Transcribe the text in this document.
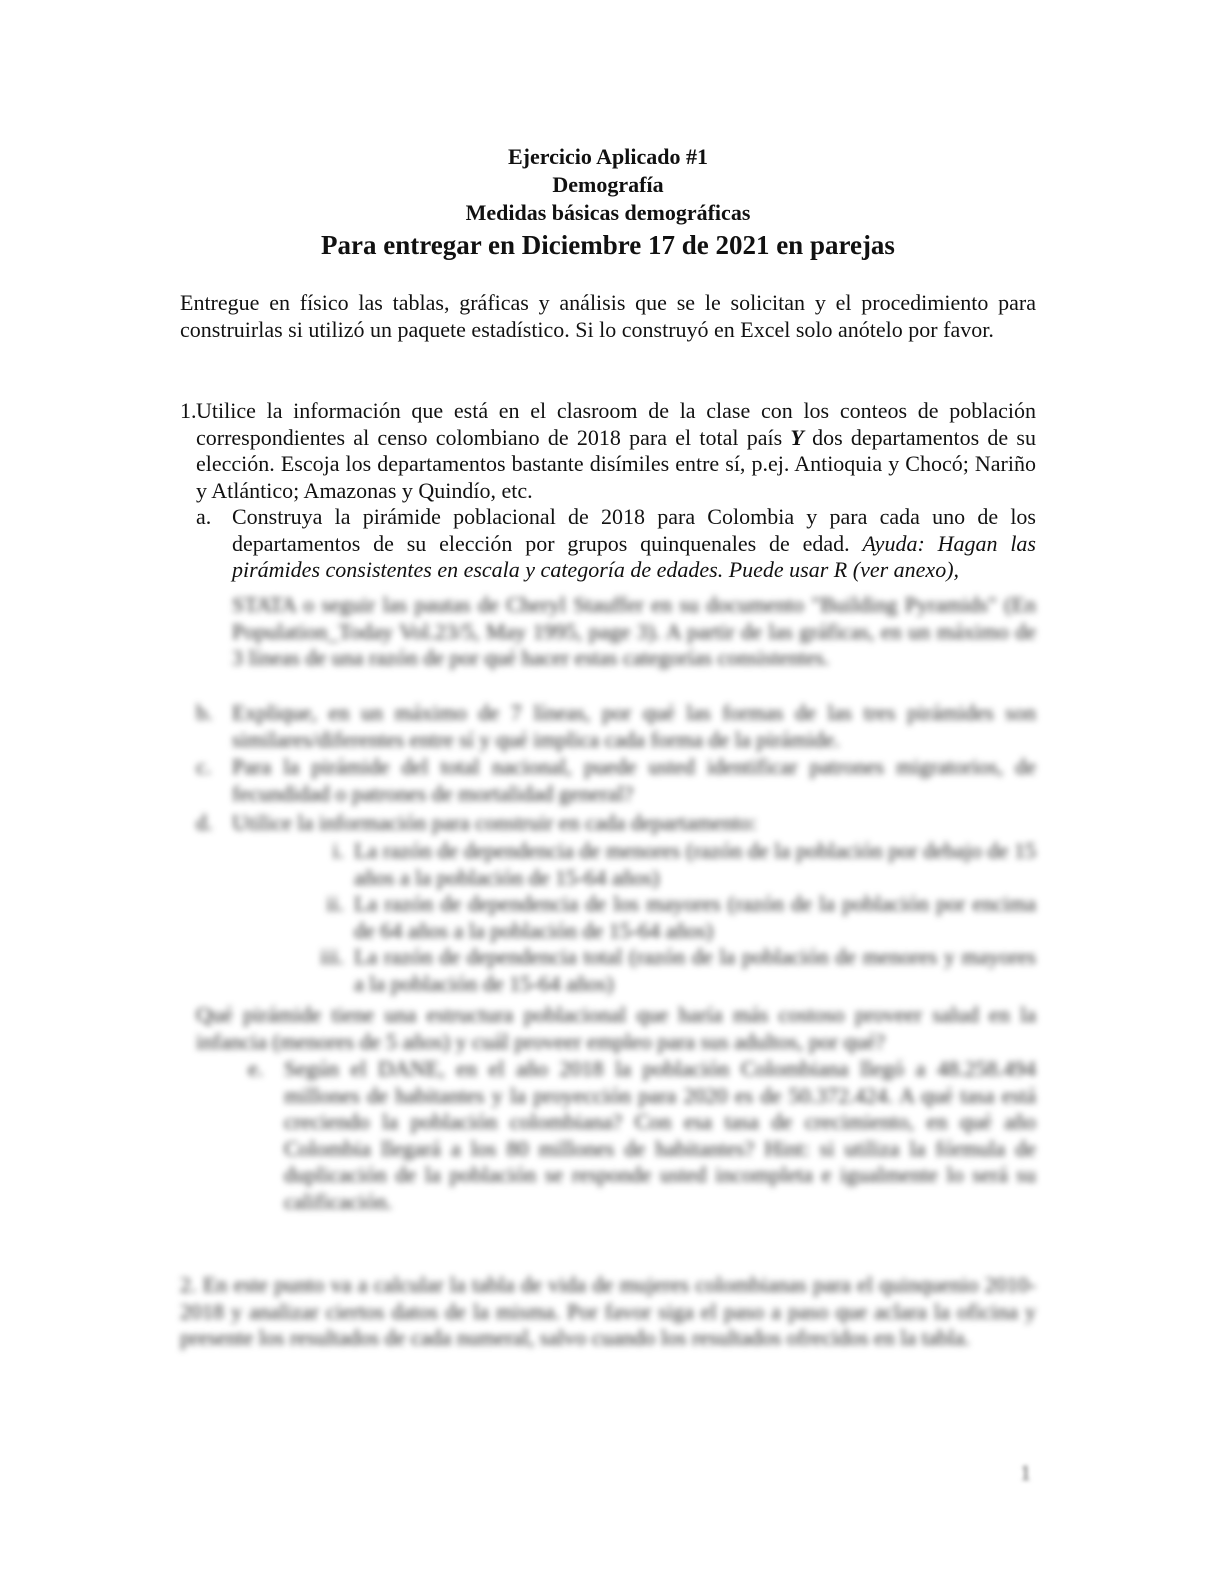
Ejercicio Aplicado #1
Demografía
Medidas básicas demográficas
Para entregar en Diciembre 17 de 2021 en parejas
Entregue en físico las tablas, gráficas y análisis que se le solicitan y el procedimiento para construirlas si utilizó un paquete estadístico. Si lo construyó en Excel solo anótelo por favor.
1. Utilice la información que está en el clasroom de la clase con los conteos de población correspondientes al censo colombiano de 2018 para el total país Y dos departamentos de su elección. Escoja los departamentos bastante disímiles entre sí, p.ej. Antioquia y Chocó; Nariño y Atlántico; Amazonas y Quindío, etc.
a. Construya la pirámide poblacional de 2018 para Colombia y para cada uno de los departamentos de su elección por grupos quinquenales de edad. Ayuda: Hagan las pirámides consistentes en escala y categoría de edades. Puede usar R (ver anexo),
STATA o seguir las pautas de Cheryl Stauffer en su documento "Building Pyramids" (En Population_Today Vol.23/5, May 1995, page 3). A partir de las gráficas, en un máximo de 3 líneas de una razón de por qué hacer estas categorías consistentes.
b. Explique, en un máximo de 7 líneas, por qué las formas de las tres pirámides son similares/diferentes entre sí y qué implica cada forma de la pirámide.
c. Para la pirámide del total nacional, puede usted identificar patrones migratorios, de fecundidad o patrones de mortalidad general?
d. Utilice la información para construir en cada departamento:
i. La razón de dependencia de menores (razón de la población por debajo de 15 años a la población de 15-64 años)
ii. La razón de dependencia de los mayores (razón de la población por encima de 64 años a la población de 15-64 años)
iii. La razón de dependencia total (razón de la población de menores y mayores a la población de 15-64 años)
Qué pirámide tiene una estructura poblacional que haría más costoso proveer salud en la infancia (menores de 5 años) y cuál proveer empleo para sus adultos, por qué?
e. Según el DANE, en el año 2018 la población Colombiana llegó a 48.258.494 millones de habitantes y la proyección para 2020 es de 50.372.424. A qué tasa está creciendo la población colombiana? Con esa tasa de crecimiento, en qué año Colombia llegará a los 80 millones de habitantes? Hint: si utiliza la fórmula de duplicación de la población se responde usted incompleta e igualmente lo será su calificación.
2. En este punto va a calcular la tabla de vida de mujeres colombianas para el quinquenio 2010-2018 y analizar ciertos datos de la misma. Por favor siga el paso a paso que aclara la oficina y presente los resultados de cada numeral, salvo cuando los resultados ofrecidos en la tabla.
1
